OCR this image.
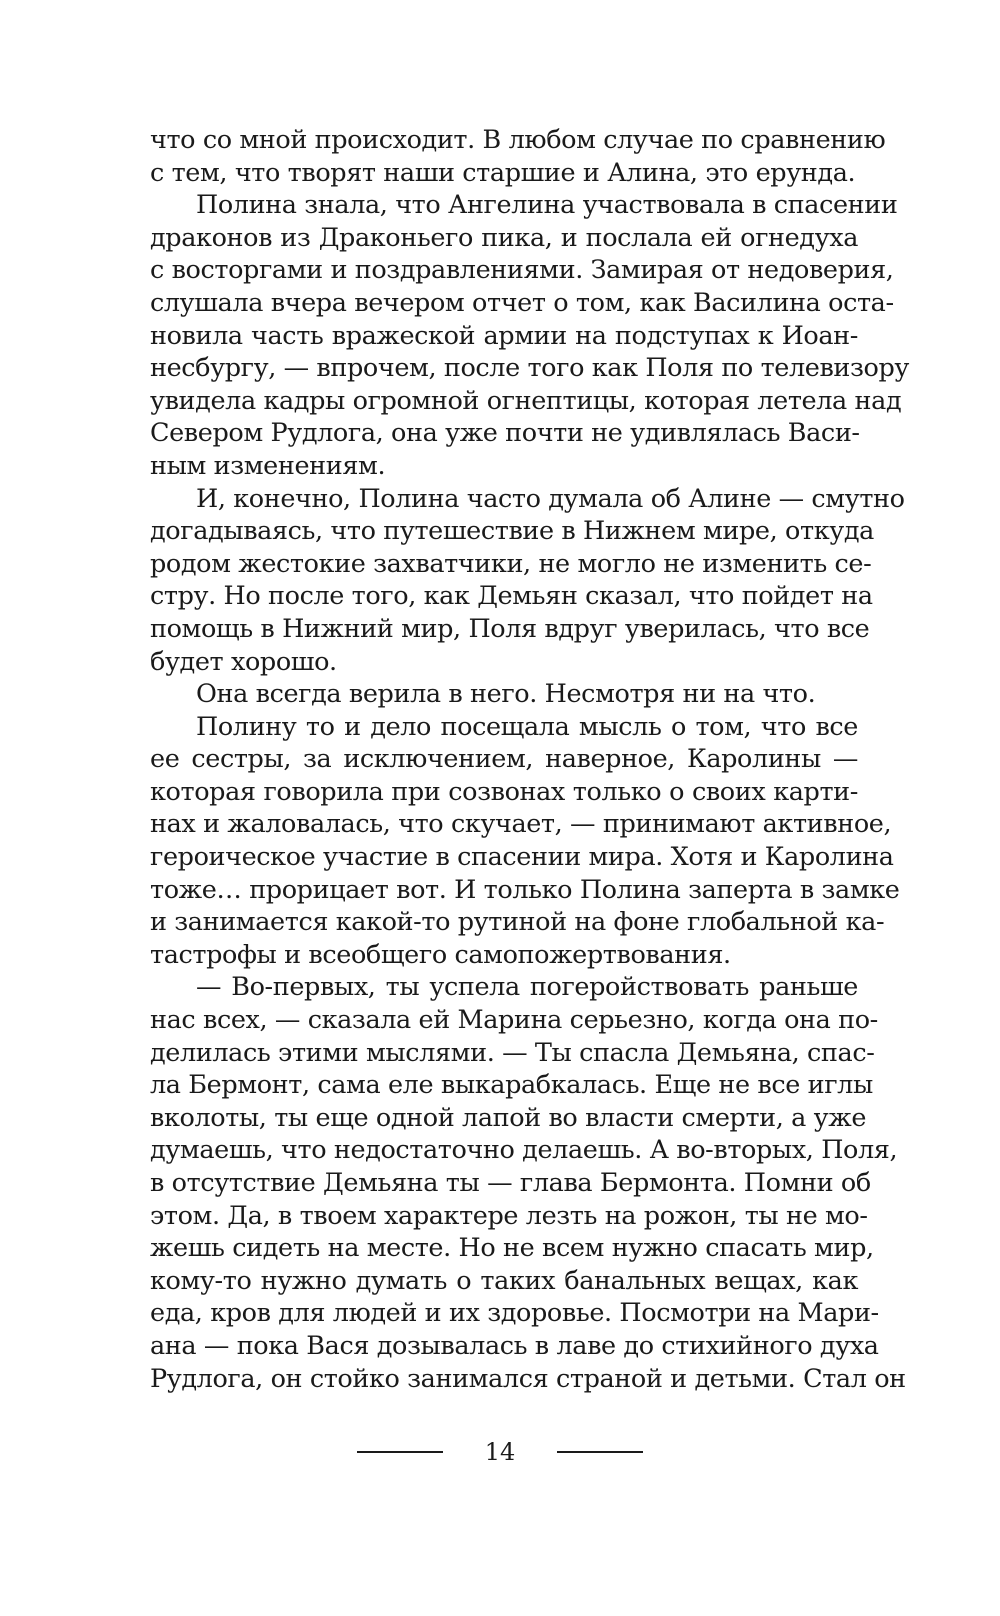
что со мной происходит. В любом случае по сравнению
с тем, что творят наши старшие и Алина, это ерунда.
Полина знала, что Ангелина участвовала в спасении
драконов из Драконьего пика, и послала ей огнедуха
с восторгами и поздравлениями. Замирая от недоверия,
слушала вчера вечером отчет о том, как Василина оста-
новила часть вражеской армии на подступах к Иоан-
несбургу, — впрочем, после того как Поля по телевизору
увидела кадры огромной огнептицы, которая летела над
Севером Рудлога, она уже почти не удивлялась Васи-
ным изменениям.
И, конечно, Полина часто думала об Алине — смутно
догадываясь, что путешествие в Нижнем мире, откуда
родом жестокие захватчики, не могло не изменить се-
стру. Но после того, как Демьян сказал, что пойдет на
помощь в Нижний мир, Поля вдруг уверилась, что все
будет хорошо.
Она всегда верила в него. Несмотря ни на что.
Полину то и дело посещала мысль о том, что все
ее сестры, за исключением, наверное, Каролины —
которая говорила при созвонах только о своих карти-
нах и жаловалась, что скучает, — принимают активное,
героическое участие в спасении мира. Хотя и Каролина
тоже… прорицает вот. И только Полина заперта в замке
и занимается какой-то рутиной на фоне глобальной ка-
тастрофы и всеобщего самопожертвования.
— Во-первых, ты успела погеройствовать раньше
нас всех, — сказала ей Марина серьезно, когда она по-
делилась этими мыслями. — Ты спасла Демьяна, спас-
ла Бермонт, сама еле выкарабкалась. Еще не все иглы
вколоты, ты еще одной лапой во власти смерти, а уже
думаешь, что недостаточно делаешь. А во-вторых, Поля,
в отсутствие Демьяна ты — глава Бермонта. Помни об
этом. Да, в твоем характере лезть на рожон, ты не мо-
жешь сидеть на месте. Но не всем нужно спасать мир,
кому-то нужно думать о таких банальных вещах, как
еда, кров для людей и их здоровье. Посмотри на Мари-
ана — пока Вася дозывалась в лаве до стихийного духа
Рудлога, он стойко занимался страной и детьми. Стал он
14
